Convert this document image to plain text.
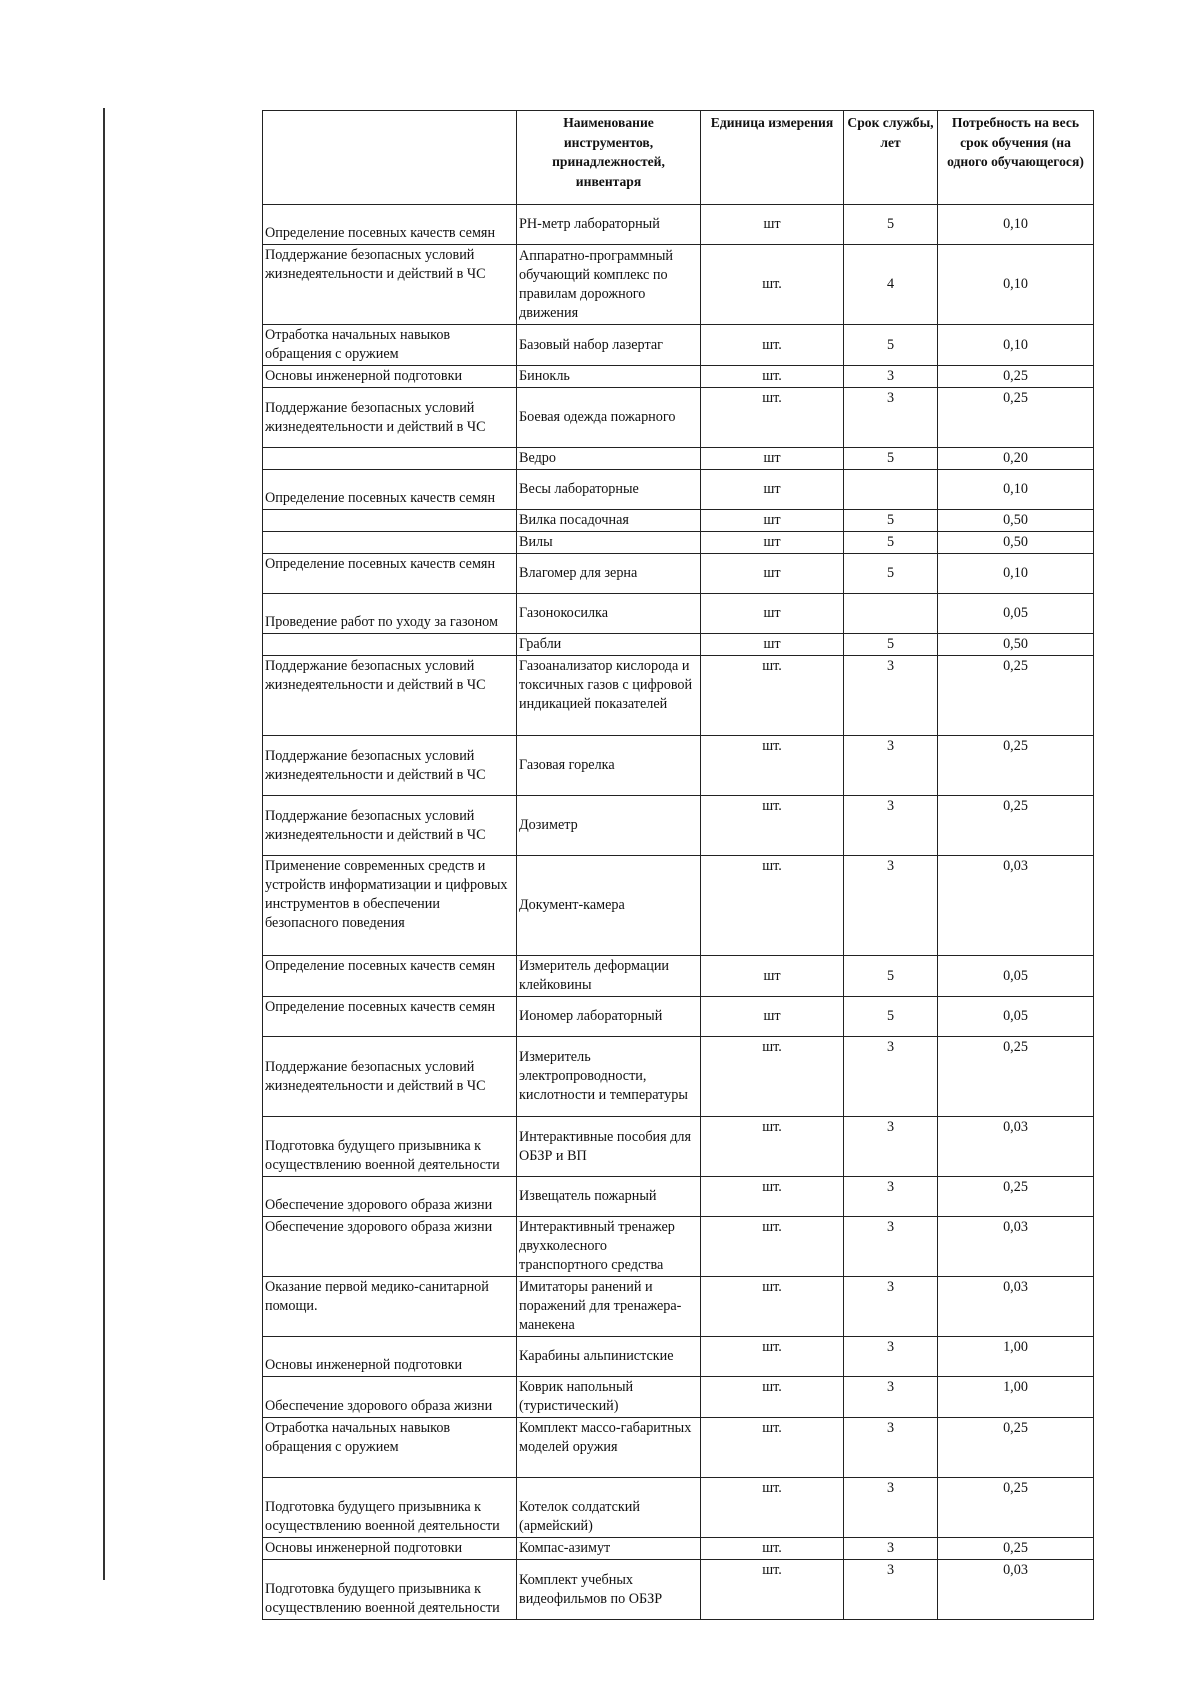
	Наименование инструментов, принадлежностей, инвентаря	Единица измерения	Срок службы, лет	Потребность на весь срок обучения (на одного обучающегося)
Определение посевных качеств семян	PH-метр лабораторный	шт	5	0,10
Поддержание безопасных условий жизнедеятельности и действий в ЧС	Аппаратно-программный обучающий комплекс по правилам дорожного движения	шт.	4	0,10
Отработка начальных навыков обращения с оружием	Базовый набор лазертаг	шт.	5	0,10
Основы инженерной подготовки	Бинокль	шт.	3	0,25
Поддержание безопасных условий жизнедеятельности и действий в ЧС	Боевая одежда пожарного	шт.	3	0,25
	Ведро	шт	5	0,20
Определение посевных качеств семян	Весы лабораторные	шт		0,10
	Вилка посадочная	шт	5	0,50
	Вилы	шт	5	0,50
Определение посевных качеств семян	Влагомер для зерна	шт	5	0,10
Проведение работ по уходу за газоном	Газонокосилка	шт		0,05
	Грабли	шт	5	0,50
Поддержание безопасных условий жизнедеятельности и действий в ЧС	Газоанализатор кислорода и токсичных газов с цифровой индикацией показателей	шт.	3	0,25
Поддержание безопасных условий жизнедеятельности и действий в ЧС	Газовая горелка	шт.	3	0,25
Поддержание безопасных условий жизнедеятельности и действий в ЧС	Дозиметр	шт.	3	0,25
Применение современных средств и устройств информатизации и цифровых инструментов в обеспечении безопасного поведения	Документ-камера	шт.	3	0,03
Определение посевных качеств семян	Измеритель деформации клейковины	шт	5	0,05
Определение посевных качеств семян	Иономер лабораторный	шт	5	0,05
Поддержание безопасных условий жизнедеятельности и действий в ЧС	Измеритель электропроводности, кислотности и температуры	шт.	3	0,25
Подготовка будущего призывника к осуществлению военной деятельности	Интерактивные пособия для ОБЗР и ВП	шт.	3	0,03
Обеспечение здорового образа жизни	Извещатель пожарный	шт.	3	0,25
Обеспечение здорового образа жизни	Интерактивный тренажер двухколесного транспортного средства	шт.	3	0,03
Оказание первой медико-санитарной помощи.	Имитаторы ранений и поражений для тренажера-манекена	шт.	3	0,03
Основы инженерной подготовки	Карабины альпинистские	шт.	3	1,00
Обеспечение здорового образа жизни	Коврик напольный (туристический)	шт.	3	1,00
Отработка начальных навыков обращения с оружием	Комплект массо-габаритных моделей оружия	шт.	3	0,25
Подготовка будущего призывника к осуществлению военной деятельности	Котелок солдатский (армейский)	шт.	3	0,25
Основы инженерной подготовки	Компас-азимут	шт.	3	0,25
Подготовка будущего призывника к осуществлению военной деятельности	Комплект учебных видеофильмов по ОБЗР	шт.	3	0,03
